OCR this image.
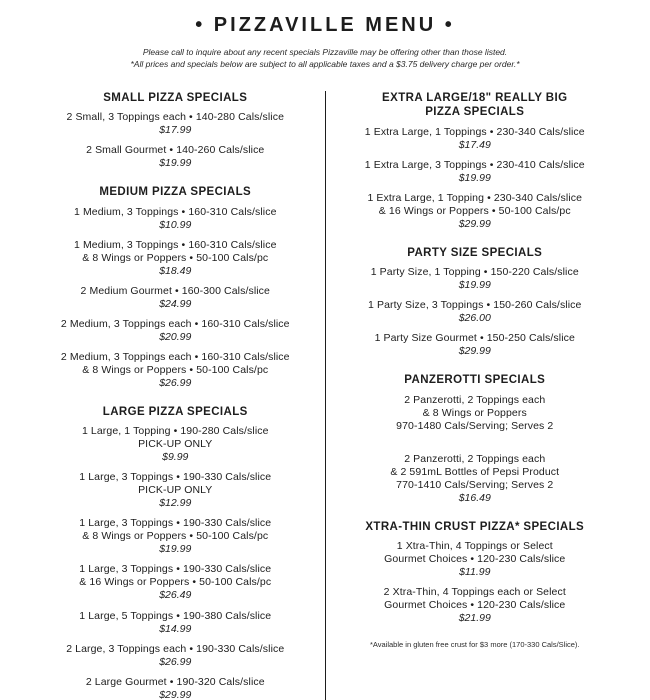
• PIZZAVILLE MENU •

Please call to inquire about any recent specials Pizzaville may be offering other than those listed.

*All prices and specials below are subject to all applicable taxes and a $3.75 delivery charge per order.*

SMALL PIZZA SPECIALS
2 Small, 3 Toppings each • 140-280 Cals/slice
$17.99
2 Small Gourmet • 140-260 Cals/slice
$19.99
MEDIUM PIZZA SPECIALS
1 Medium, 3 Toppings • 160-310 Cals/slice
$10.99
1 Medium, 3 Toppings • 160-310 Cals/slice
& 8 Wings or Poppers • 50-100 Cals/pc
$18.49
2 Medium Gourmet • 160-300 Cals/slice
$24.99
2 Medium, 3 Toppings each • 160-310 Cals/slice
$20.99
2 Medium, 3 Toppings each • 160-310 Cals/slice
& 8 Wings or Poppers • 50-100 Cals/pc
$26.99
LARGE PIZZA SPECIALS
1 Large, 1 Topping • 190-280 Cals/slice
PICK-UP ONLY
$9.99
1 Large, 3 Toppings • 190-330 Cals/slice
PICK-UP ONLY
$12.99
1 Large, 3 Toppings • 190-330 Cals/slice
& 8 Wings or Poppers • 50-100 Cals/pc
$19.99
1 Large, 3 Toppings • 190-330 Cals/slice
& 16 Wings or Poppers • 50-100 Cals/pc
$26.49
1 Large, 5 Toppings • 190-380 Cals/slice
$14.99
2 Large, 3 Toppings each • 190-330 Cals/slice
$26.99
2 Large Gourmet • 190-320 Cals/slice
$29.99
EXTRA LARGE/18" REALLY BIG
PIZZA SPECIALS
1 Extra Large, 1 Toppings • 230-340 Cals/slice
$17.49
1 Extra Large, 3 Toppings • 230-410 Cals/slice
$19.99
1 Extra Large, 1 Topping • 230-340 Cals/slice
& 16 Wings or Poppers • 50-100 Cals/pc
$29.99
PARTY SIZE SPECIALS
1 Party Size, 1 Topping • 150-220 Cals/slice
$19.99
1 Party Size, 3 Toppings • 150-260 Cals/slice
$26.00
1 Party Size Gourmet • 150-250 Cals/slice
$29.99
PANZEROTTI SPECIALS
2 Panzerotti, 2 Toppings each
& 8 Wings or Poppers
970-1480 Cals/Serving; Serves 2
2 Panzerotti, 2 Toppings each
& 2 591mL Bottles of Pepsi Product
770-1410 Cals/Serving; Serves 2
$16.49
XTRA-THIN CRUST PIZZA* SPECIALS
1 Xtra-Thin, 4 Toppings or Select
Gourmet Choices • 120-230 Cals/slice
$11.99
2 Xtra-Thin, 4 Toppings each or Select
Gourmet Choices • 120-230 Cals/slice
$21.99

*Available in gluten free crust for $3 more (170-330 Cals/Slice).
